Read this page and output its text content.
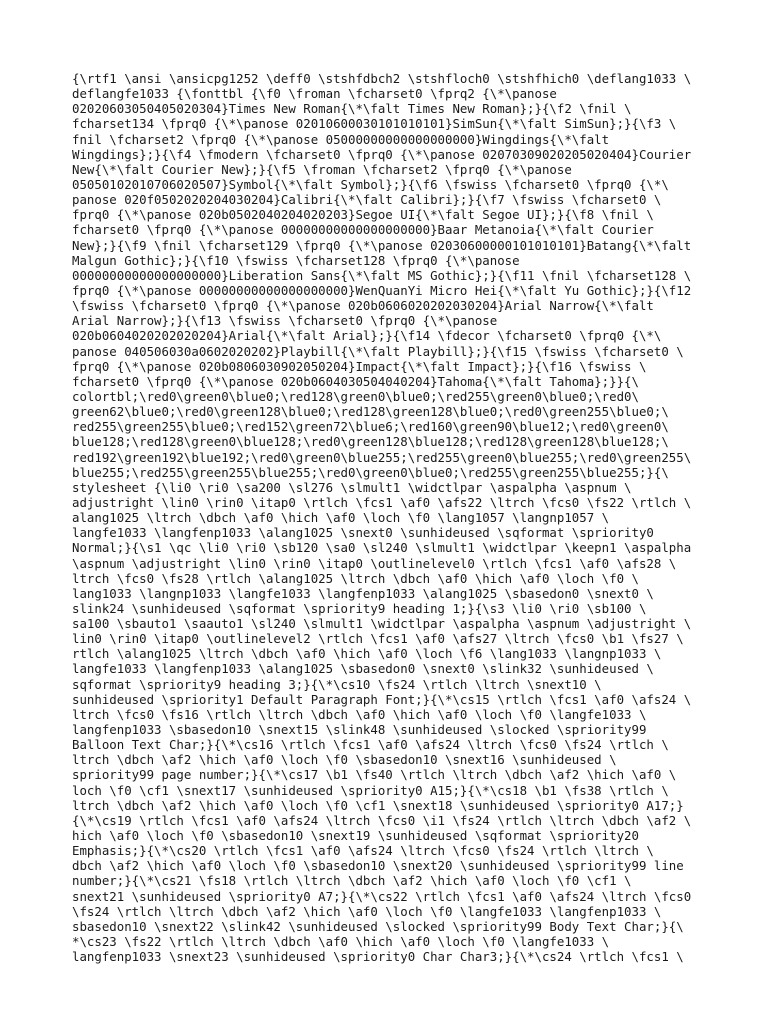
{\rtf1 \ansi \ansicpg1252 \deff0 \stshfdbch2 \stshfloch0 \stshfhich0 \deflang1033 \
deflangfe1033 {\fonttbl {\f0 \froman \fcharset0 \fprq2 {\*\panose
02020603050405020304}Times New Roman{\*\falt Times New Roman};}{\f2 \fnil \
fcharset134 \fprq0 {\*\panose 02010600030101010101}SimSun{\*\falt SimSun};}{\f3 \
fnil \fcharset2 \fprq0 {\*\panose 05000000000000000000}Wingdings{\*\falt
Wingdings};}{\f4 \fmodern \fcharset0 \fprq0 {\*\panose 02070309020205020404}Courier
New{\*\falt Courier New};}{\f5 \froman \fcharset2 \fprq0 {\*\panose
05050102010706020507}Symbol{\*\falt Symbol};}{\f6 \fswiss \fcharset0 \fprq0 {\*\
panose 020f0502020204030204}Calibri{\*\falt Calibri};}{\f7 \fswiss \fcharset0 \
fprq0 {\*\panose 020b0502040204020203}Segoe UI{\*\falt Segoe UI};}{\f8 \fnil \
fcharset0 \fprq0 {\*\panose 00000000000000000000}Baar Metanoia{\*\falt Courier
New};}{\f9 \fnil \fcharset129 \fprq0 {\*\panose 02030600000101010101}Batang{\*\falt
Malgun Gothic};}{\f10 \fswiss \fcharset128 \fprq0 {\*\panose
00000000000000000000}Liberation Sans{\*\falt MS Gothic};}{\f11 \fnil \fcharset128 \
fprq0 {\*\panose 00000000000000000000}WenQuanYi Micro Hei{\*\falt Yu Gothic};}{\f12
\fswiss \fcharset0 \fprq0 {\*\panose 020b0606020202030204}Arial Narrow{\*\falt
Arial Narrow};}{\f13 \fswiss \fcharset0 \fprq0 {\*\panose
020b0604020202020204}Arial{\*\falt Arial};}{\f14 \fdecor \fcharset0 \fprq0 {\*\
panose 040506030a0602020202}Playbill{\*\falt Playbill};}{\f15 \fswiss \fcharset0 \
fprq0 {\*\panose 020b0806030902050204}Impact{\*\falt Impact};}{\f16 \fswiss \
fcharset0 \fprq0 {\*\panose 020b0604030504040204}Tahoma{\*\falt Tahoma};}}{\
colortbl;\red0\green0\blue0;\red128\green0\blue0;\red255\green0\blue0;\red0\
green62\blue0;\red0\green128\blue0;\red128\green128\blue0;\red0\green255\blue0;\
red255\green255\blue0;\red152\green72\blue6;\red160\green90\blue12;\red0\green0\
blue128;\red128\green0\blue128;\red0\green128\blue128;\red128\green128\blue128;\
red192\green192\blue192;\red0\green0\blue255;\red255\green0\blue255;\red0\green255\
blue255;\red255\green255\blue255;\red0\green0\blue0;\red255\green255\blue255;}{\
stylesheet {\li0 \ri0 \sa200 \sl276 \slmult1 \widctlpar \aspalpha \aspnum \
adjustright \lin0 \rin0 \itap0 \rtlch \fcs1 \af0 \afs22 \ltrch \fcs0 \fs22 \rtlch \
alang1025 \ltrch \dbch \af0 \hich \af0 \loch \f0 \lang1057 \langnp1057 \
langfe1033 \langfenp1033 \alang1025 \snext0 \sunhideused \sqformat \spriority0
Normal;}{\s1 \qc \li0 \ri0 \sb120 \sa0 \sl240 \slmult1 \widctlpar \keepn1 \aspalpha
\aspnum \adjustright \lin0 \rin0 \itap0 \outlinelevel0 \rtlch \fcs1 \af0 \afs28 \
ltrch \fcs0 \fs28 \rtlch \alang1025 \ltrch \dbch \af0 \hich \af0 \loch \f0 \
lang1033 \langnp1033 \langfe1033 \langfenp1033 \alang1025 \sbasedon0 \snext0 \
slink24 \sunhideused \sqformat \spriority9 heading 1;}{\s3 \li0 \ri0 \sb100 \
sa100 \sbauto1 \saauto1 \sl240 \slmult1 \widctlpar \aspalpha \aspnum \adjustright \
lin0 \rin0 \itap0 \outlinelevel2 \rtlch \fcs1 \af0 \afs27 \ltrch \fcs0 \b1 \fs27 \
rtlch \alang1025 \ltrch \dbch \af0 \hich \af0 \loch \f6 \lang1033 \langnp1033 \
langfe1033 \langfenp1033 \alang1025 \sbasedon0 \snext0 \slink32 \sunhideused \
sqformat \spriority9 heading 3;}{\*\cs10 \fs24 \rtlch \ltrch \snext10 \
sunhideused \spriority1 Default Paragraph Font;}{\*\cs15 \rtlch \fcs1 \af0 \afs24 \
ltrch \fcs0 \fs16 \rtlch \ltrch \dbch \af0 \hich \af0 \loch \f0 \langfe1033 \
langfenp1033 \sbasedon10 \snext15 \slink48 \sunhideused \slocked \spriority99
Balloon Text Char;}{\*\cs16 \rtlch \fcs1 \af0 \afs24 \ltrch \fcs0 \fs24 \rtlch \
ltrch \dbch \af2 \hich \af0 \loch \f0 \sbasedon10 \snext16 \sunhideused \
spriority99 page number;}{\*\cs17 \b1 \fs40 \rtlch \ltrch \dbch \af2 \hich \af0 \
loch \f0 \cf1 \snext17 \sunhideused \spriority0 A15;}{\*\cs18 \b1 \fs38 \rtlch \
ltrch \dbch \af2 \hich \af0 \loch \f0 \cf1 \snext18 \sunhideused \spriority0 A17;}
{\*\cs19 \rtlch \fcs1 \af0 \afs24 \ltrch \fcs0 \i1 \fs24 \rtlch \ltrch \dbch \af2 \
hich \af0 \loch \f0 \sbasedon10 \snext19 \sunhideused \sqformat \spriority20
Emphasis;}{\*\cs20 \rtlch \fcs1 \af0 \afs24 \ltrch \fcs0 \fs24 \rtlch \ltrch \
dbch \af2 \hich \af0 \loch \f0 \sbasedon10 \snext20 \sunhideused \spriority99 line
number;}{\*\cs21 \fs18 \rtlch \ltrch \dbch \af2 \hich \af0 \loch \f0 \cf1 \
snext21 \sunhideused \spriority0 A7;}{\*\cs22 \rtlch \fcs1 \af0 \afs24 \ltrch \fcs0
\fs24 \rtlch \ltrch \dbch \af2 \hich \af0 \loch \f0 \langfe1033 \langfenp1033 \
sbasedon10 \snext22 \slink42 \sunhideused \slocked \spriority99 Body Text Char;}{\
*\cs23 \fs22 \rtlch \ltrch \dbch \af0 \hich \af0 \loch \f0 \langfe1033 \
langfenp1033 \snext23 \sunhideused \spriority0 Char Char3;}{\*\cs24 \rtlch \fcs1 \
